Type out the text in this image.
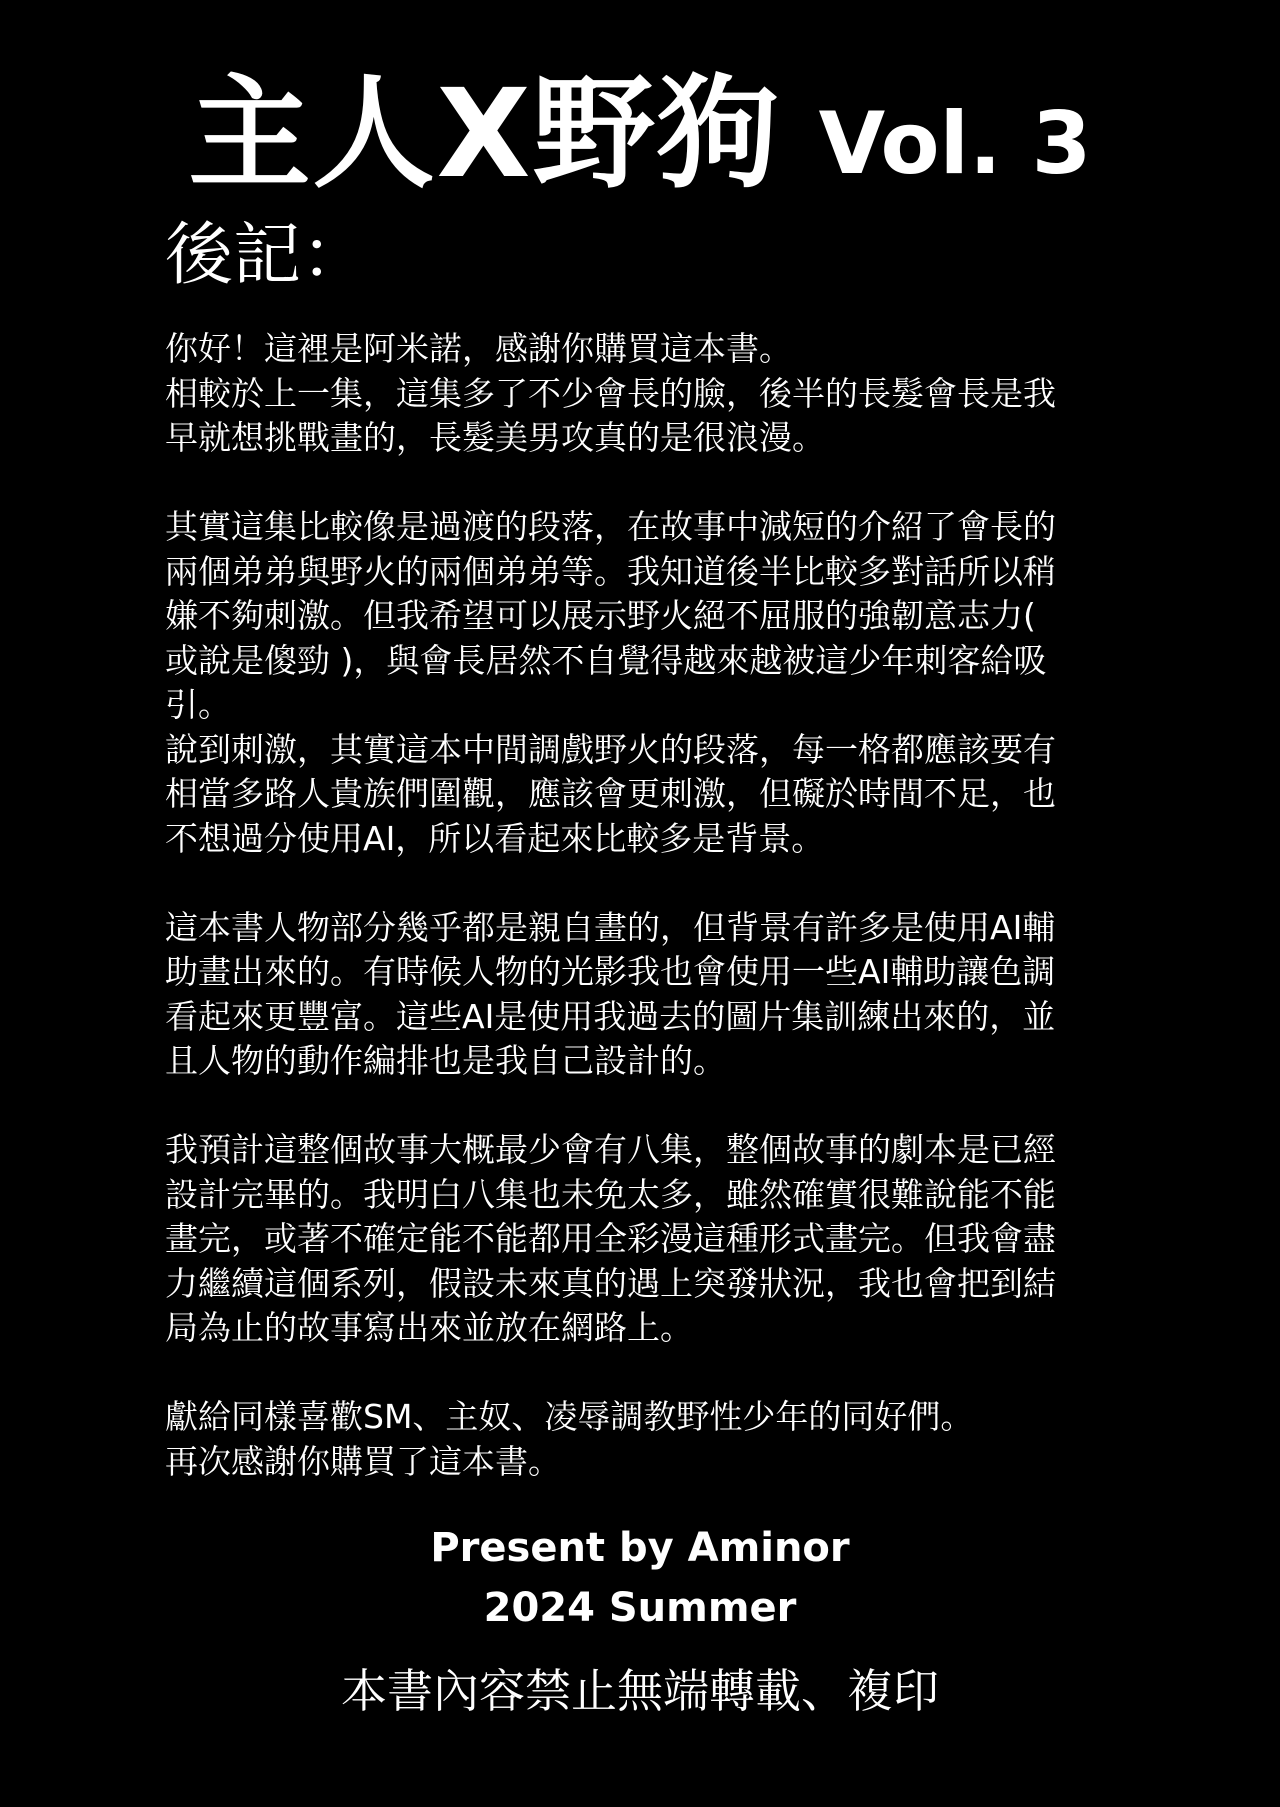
主人X野狗 Vol. 3
後記：
你好！這裡是阿米諾，感謝你購買這本書。
相較於上一集，這集多了不少會長的臉，後半的長髮會長是我
早就想挑戰畫的，長髮美男攻真的是很浪漫。
其實這集比較像是過渡的段落，在故事中減短的介紹了會長的
兩個弟弟與野火的兩個弟弟等。我知道後半比較多對話所以稍
嫌不夠刺激。但我希望可以展示野火絕不屈服的強韌意志力(
或說是傻勁 )，與會長居然不自覺得越來越被這少年刺客給吸
引。
說到刺激，其實這本中間調戲野火的段落，每一格都應該要有
相當多路人貴族們圍觀，應該會更刺激，但礙於時間不足，也
不想過分使用AI，所以看起來比較多是背景。
這本書人物部分幾乎都是親自畫的，但背景有許多是使用AI輔
助畫出來的。有時候人物的光影我也會使用一些AI輔助讓色調
看起來更豐富。這些AI是使用我過去的圖片集訓練出來的，並
且人物的動作編排也是我自己設計的。
我預計這整個故事大概最少會有八集，整個故事的劇本是已經
設計完畢的。我明白八集也未免太多，雖然確實很難說能不能
畫完，或著不確定能不能都用全彩漫這種形式畫完。但我會盡
力繼續這個系列，假設未來真的遇上突發狀況，我也會把到結
局為止的故事寫出來並放在網路上。
獻給同樣喜歡SM、主奴、凌辱調教野性少年的同好們。
再次感謝你購買了這本書。
Present by Aminor
2024 Summer
本書內容禁止無端轉載、複印
